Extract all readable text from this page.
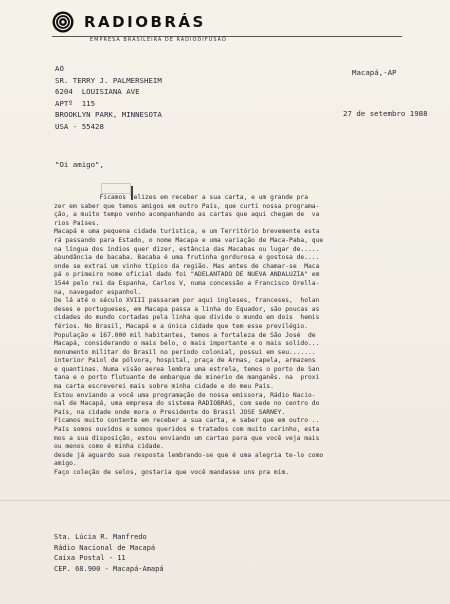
RADIOBRÁS
EMPRESA BRASILEIRA DE RADIODIFUSÃO
AO
SR. TERRY J. PALMERSHEIM
6204  LOUISIANA AVE
APTº  115
BROOKLYN PARK, MINNESOTA
USA - 55428
Macapá,-AP
27 de setembro 1988
"Oi amigo",
Ficamos felizes em receber a sua carta, e um grande pra
zer em saber que temos amigos em outro País, que curti nossa programa-
ção, a muito tempo venho acompanhando as cartas que aqui chegam de  va
rios Países.
Macapá e uma pequena cidade turística, e um Território brevemente esta
rá passando para Estado, o nome Macapa e uma variação de Maca-Paba, que
na língua dos índios quer dizer, estância das Macabas ou lugar de.....
abundância de bacaba. Bacaba é uma frutinha gordurosa e gostosa de....
onde se extrai um vinho típico da região. Mas antes de chamar-se  Maca
pá o primeiro nome oficial dado foi "ADELANTADO DE NUEVA ANDALUZIA" em
1544 pelo rei da Espanha, Carlos V, numa concessão a Francisco Orella-
na, navegador espanhol.
De lá até o século XVIII passaram por aqui ingleses, franceses,  holan
deses e portugueses, em Macapa passa a linha do Equador, são poucas as
cidades do mundo cortadas pela linha que divide o mundo em dois  hemis
férios. No Brasil, Macapá e a única cidade que tem esse previlégio.
População e 167.000 mil habitantes, temos a fortaleza de São José  de
Macapá, considerando o mais belo, o mais importante e o mais solido...
monumento militar do Brasil no período colonial, possui em seu.......
interior Paiol de pólvora, hospital, praça de Armas, capela, armazens
e quantinas. Numa visão aerea lembra uma estrela, temos o porto de San
tana e o porto flutuante de embarque de minerio de manganês. na  proxi
ma carta escreverei mais sobre minha cidade e do meu País.
Estou enviando a você uma programação de nossa emissora, Rádio Nacio-
nal de Macapá, uma empresa do sistema RADIOBRÁS, com sede no centro do
País, na cidade onde mora o Presidente do Brasil JOSÉ SARNEY.
Ficamos muito contente em receber a sua carta, e saber que em outro ..
País somos ouvidos e somos queridos e tratados com muito carinho, esta
mos a sua disposição, estou enviando um cartao para que você veja mais
ou menos como é minha cidade.
desde já aguardo sua resposta lembrando-se que é uma alegria te-lo como
amigo.
Faço coleção de selos, gostaria que você mandasse uns pra mim.
Sta. Lúcia R. Manfredo
Rádio Nacional de Macapá
Caixa Postal - 11
CEP. 68.900 - Macapá-Amapá
